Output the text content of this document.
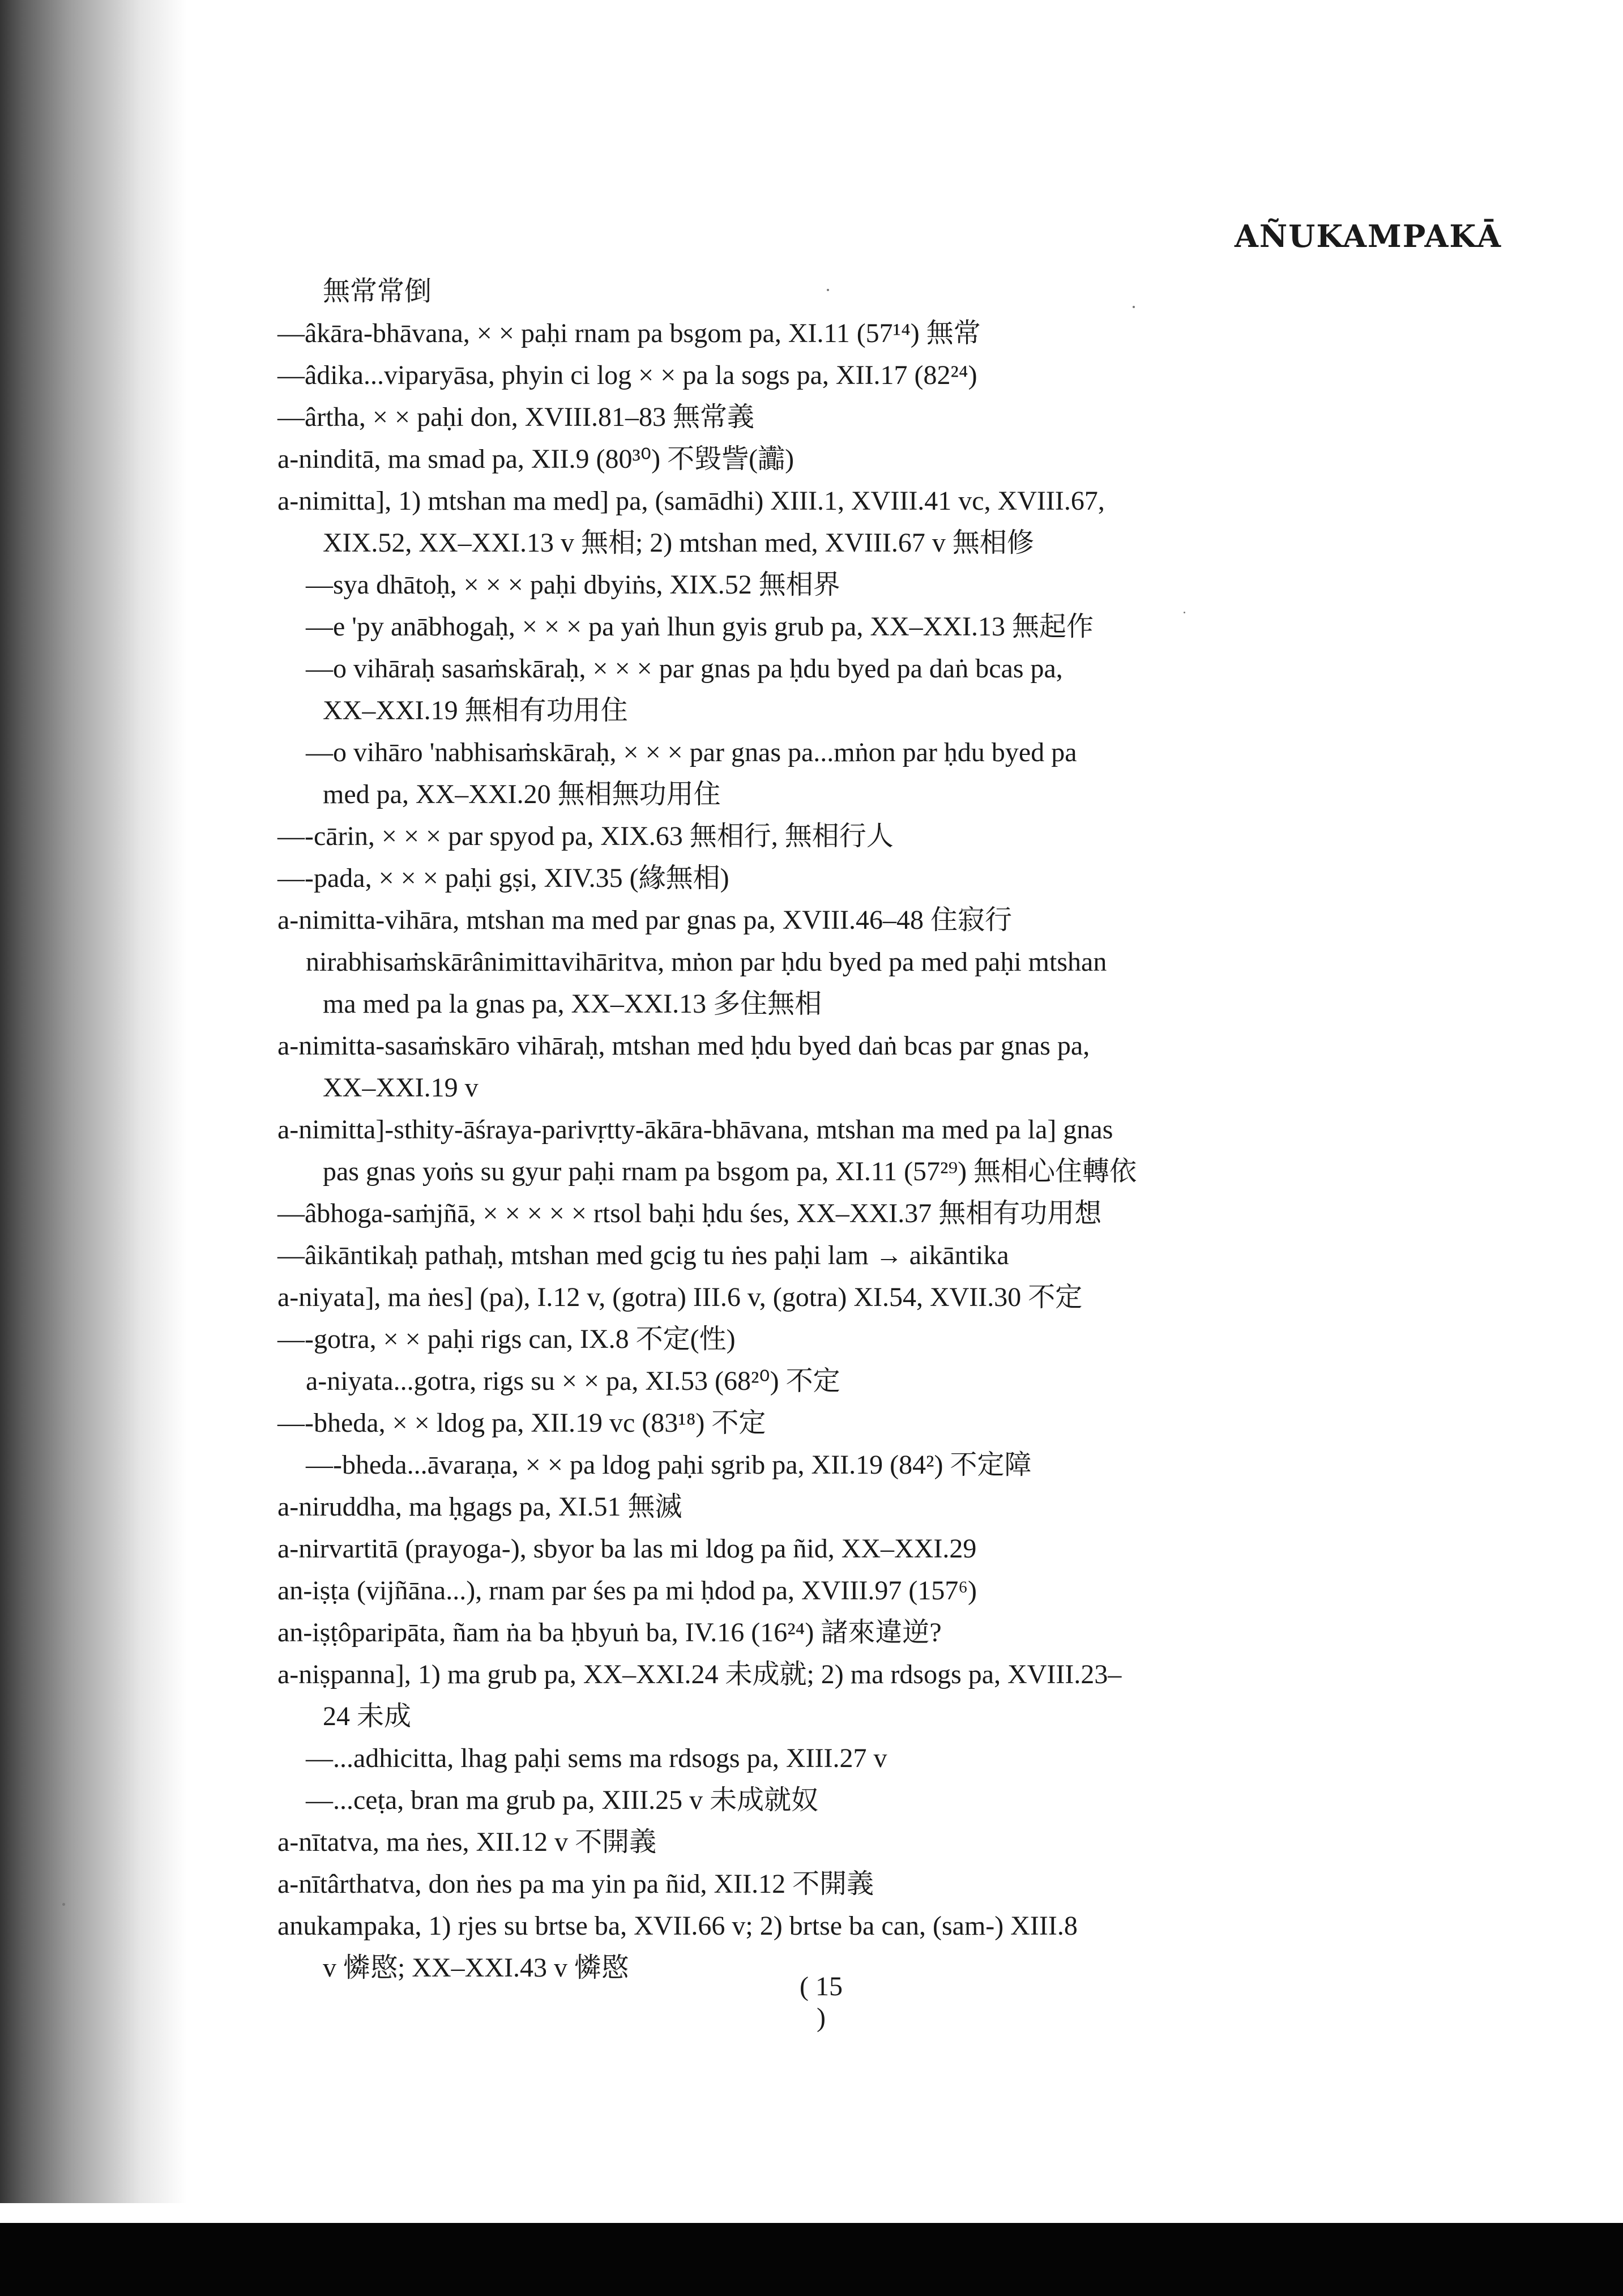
AÑUKAMPAKĀ
無常常倒
—âkāra-bhāvana, × × paḥi rnam pa bsgom pa, XI.11 (57¹⁴) 無常
—âdika...viparyāsa, phyin ci log × × pa la sogs pa, XII.17 (82²⁴)
—ârtha, × × paḥi don, XVIII.81–83 無常義
a-ninditā, ma smad pa, XII.9 (80³⁰) 不毀訾(讟)
a-nimitta], 1) mtshan ma med] pa, (samādhi) XIII.1, XVIII.41 vc, XVIII.67,
XIX.52, XX–XXI.13 v 無相; 2) mtshan med, XVIII.67 v 無相修
—sya dhātoḥ, × × × paḥi dbyiṅs, XIX.52 無相界
—e 'py anābhogaḥ, × × × pa yaṅ lhun gyis grub pa, XX–XXI.13 無起作
—o vihāraḥ sasaṁskāraḥ, × × × par gnas pa ḥdu byed pa daṅ bcas pa,
XX–XXI.19 無相有功用住
—o vihāro 'nabhisaṁskāraḥ, × × × par gnas pa...mṅon par ḥdu byed pa
med pa, XX–XXI.20 無相無功用住
—-cārin, × × × par spyod pa, XIX.63 無相行, 無相行人
—-pada, × × × paḥi gṣi, XIV.35 (緣無相)
a-nimitta-vihāra, mtshan ma med par gnas pa, XVIII.46–48 住寂行
nirabhisaṁskārânimittavihāritva, mṅon par ḥdu byed pa med paḥi mtshan
ma med pa la gnas pa, XX–XXI.13 多住無相
a-nimitta-sasaṁskāro vihāraḥ, mtshan med ḥdu byed daṅ bcas par gnas pa,
XX–XXI.19 v
a-nimitta]-sthity-āśraya-parivṛtty-ākāra-bhāvana, mtshan ma med pa la] gnas
pas gnas yoṅs su gyur paḥi rnam pa bsgom pa, XI.11 (57²⁹) 無相心住轉依
—âbhoga-saṁjñā, × × × × × rtsol baḥi ḥdu śes, XX–XXI.37 無相有功用想
—âikāntikaḥ pathaḥ, mtshan med gcig tu ṅes paḥi lam → aikāntika
a-niyata], ma ṅes] (pa), I.12 v, (gotra) III.6 v, (gotra) XI.54, XVII.30 不定
—-gotra, × × paḥi rigs can, IX.8 不定(性)
a-niyata...gotra, rigs su × × pa, XI.53 (68²⁰) 不定
—-bheda, × × ldog pa, XII.19 vc (83¹⁸) 不定
—-bheda...āvaraṇa, × × pa ldog paḥi sgrib pa, XII.19 (84²) 不定障
a-niruddha, ma ḥgags pa, XI.51 無滅
a-nirvartitā (prayoga-), sbyor ba las mi ldog pa ñid, XX–XXI.29
an-iṣṭa (vijñāna...), rnam par śes pa mi ḥdod pa, XVIII.97 (157⁶)
an-iṣṭôparipāta, ñam ṅa ba ḥbyuṅ ba, IV.16 (16²⁴) 諸來違逆?
a-niṣpanna], 1) ma grub pa, XX–XXI.24 未成就; 2) ma rdsogs pa, XVIII.23–
24 未成
—...adhicitta, lhag paḥi sems ma rdsogs pa, XIII.27 v
—...ceṭa, bran ma grub pa, XIII.25 v 未成就奴
a-nītatva, ma ṅes, XII.12 v 不開義
a-nītârthatva, don ṅes pa ma yin pa ñid, XII.12 不開義
anukampaka, 1) rjes su brtse ba, XVII.66 v; 2) brtse ba can, (sam-) XIII.8
v 憐愍; XX–XXI.43 v 憐愍
( 15 )
